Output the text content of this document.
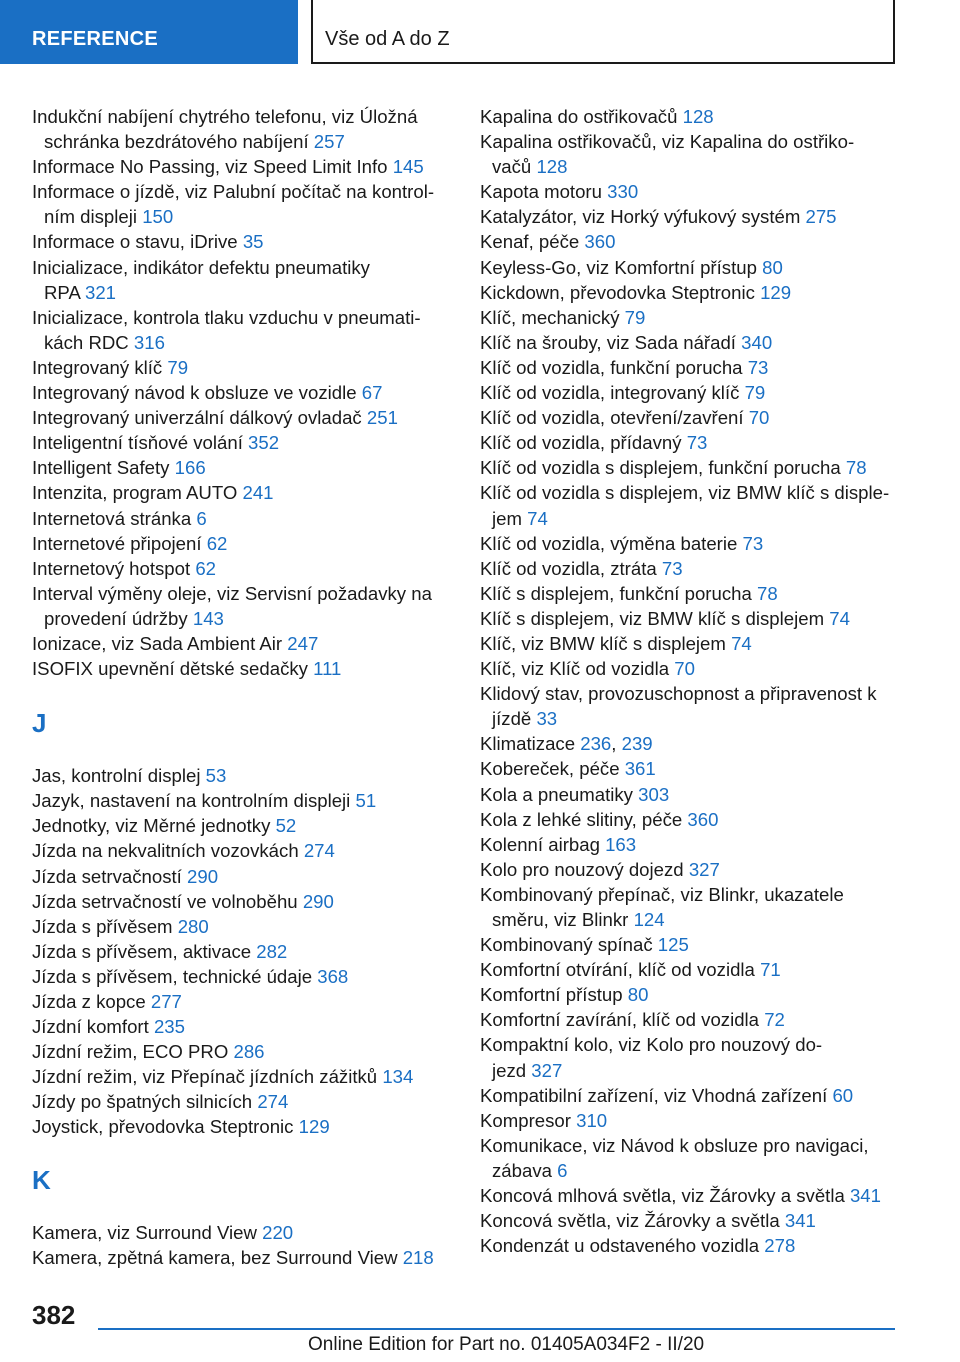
REFERENCE	Vše od A do Z
Indukční nabíjení chytrého telefonu, viz Úložná
schránka bezdrátového nabíjení 257
Informace No Passing, viz Speed Limit Info 145
Informace o jízdě, viz Palubní počítač na kontrol-
ním displeji 150
Informace o stavu, iDrive 35
Inicializace, indikátor defektu pneumatiky
RPA 321
Inicializace, kontrola tlaku vzduchu v pneumati-
kách RDC 316
Integrovaný klíč 79
Integrovaný návod k obsluze ve vozidle 67
Integrovaný univerzální dálkový ovladač 251
Inteligentní tísňové volání 352
Intelligent Safety 166
Intenzita, program AUTO 241
Internetová stránka 6
Internetové připojení 62
Internetový hotspot 62
Interval výměny oleje, viz Servisní požadavky na
provedení údržby 143
Ionizace, viz Sada Ambient Air 247
ISOFIX upevnění dětské sedačky 111
J
Jas, kontrolní displej 53
Jazyk, nastavení na kontrolním displeji 51
Jednotky, viz Měrné jednotky 52
Jízda na nekvalitních vozovkách 274
Jízda setrvačností 290
Jízda setrvačností ve volnoběhu 290
Jízda s přívěsem 280
Jízda s přívěsem, aktivace 282
Jízda s přívěsem, technické údaje 368
Jízda z kopce 277
Jízdní komfort 235
Jízdní režim, ECO PRO 286
Jízdní režim, viz Přepínač jízdních zážitků 134
Jízdy po špatných silnicích 274
Joystick, převodovka Steptronic 129
K
Kamera, viz Surround View 220
Kamera, zpětná kamera, bez Surround View 218
Kapalina do ostřikovačů 128
Kapalina ostřikovačů, viz Kapalina do ostřiko-
vačů 128
Kapota motoru 330
Katalyzátor, viz Horký výfukový systém 275
Kenaf, péče 360
Keyless-Go, viz Komfortní přístup 80
Kickdown, převodovka Steptronic 129
Klíč, mechanický 79
Klíč na šrouby, viz Sada nářadí 340
Klíč od vozidla, funkční porucha 73
Klíč od vozidla, integrovaný klíč 79
Klíč od vozidla, otevření/zavření 70
Klíč od vozidla, přídavný 73
Klíč od vozidla s displejem, funkční porucha 78
Klíč od vozidla s displejem, viz BMW klíč s disple-
jem 74
Klíč od vozidla, výměna baterie 73
Klíč od vozidla, ztráta 73
Klíč s displejem, funkční porucha 78
Klíč s displejem, viz BMW klíč s displejem 74
Klíč, viz BMW klíč s displejem 74
Klíč, viz Klíč od vozidla 70
Klidový stav, provozuschopnost a připravenost k
jízdě 33
Klimatizace 236, 239
Kobereček, péče 361
Kola a pneumatiky 303
Kola z lehké slitiny, péče 360
Kolenní airbag 163
Kolo pro nouzový dojezd 327
Kombinovaný přepínač, viz Blinkr, ukazatele
směru, viz Blinkr 124
Kombinovaný spínač 125
Komfortní otvírání, klíč od vozidla 71
Komfortní přístup 80
Komfortní zavírání, klíč od vozidla 72
Kompaktní kolo, viz Kolo pro nouzový do-
jezd 327
Kompatibilní zařízení, viz Vhodná zařízení 60
Kompresor 310
Komunikace, viz Návod k obsluze pro navigaci,
zábava 6
Koncová mlhová světla, viz Žárovky a světla 341
Koncová světla, viz Žárovky a světla 341
Kondenzát u odstaveného vozidla 278
382
Online Edition for Part no. 01405A034F2 - II/20
